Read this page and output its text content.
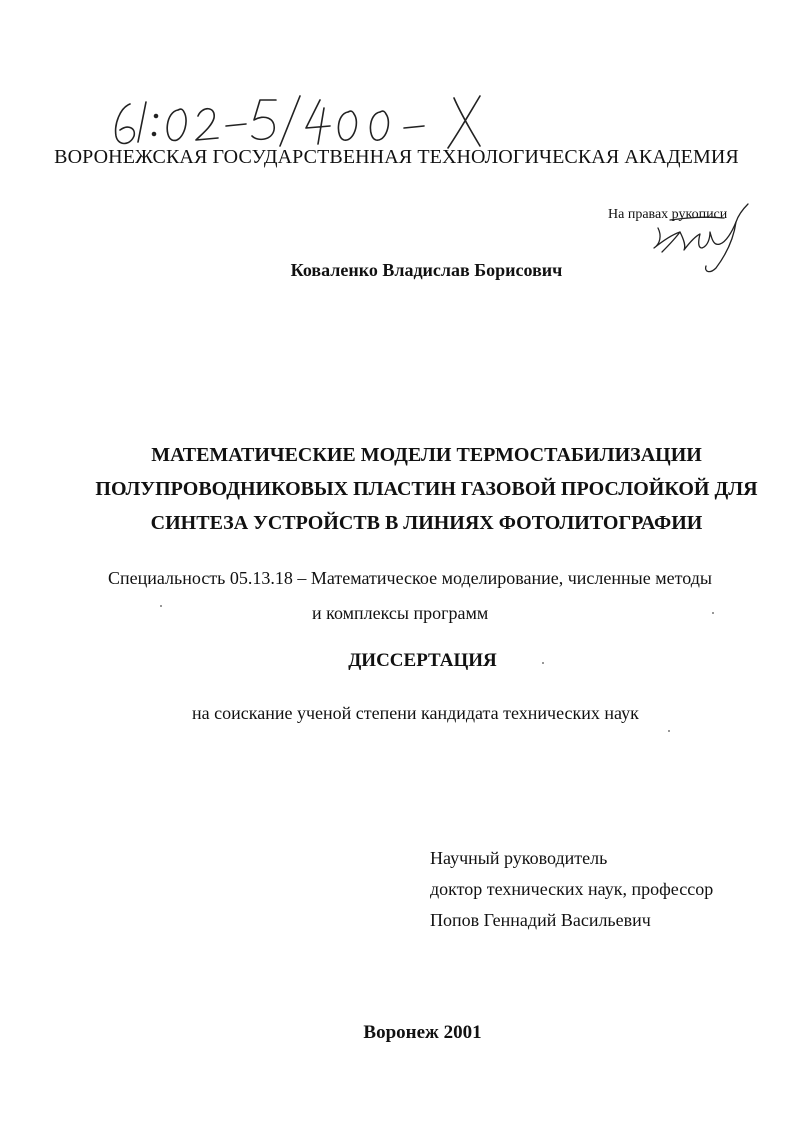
ВОРОНЕЖСКАЯ ГОСУДАРСТВЕННАЯ ТЕХНОЛОГИЧЕСКАЯ АКАДЕМИЯ
На правах рукописи
Коваленко Владислав Борисович
МАТЕМАТИЧЕСКИЕ МОДЕЛИ ТЕРМОСТАБИЛИЗАЦИИ
ПОЛУПРОВОДНИКОВЫХ ПЛАСТИН ГАЗОВОЙ ПРОСЛОЙКОЙ ДЛЯ
СИНТЕЗА УСТРОЙСТВ В ЛИНИЯХ ФОТОЛИТОГРАФИИ
Специальность 05.13.18 – Математическое моделирование, численные методы
и комплексы программ
ДИССЕРТАЦИЯ
на соискание ученой степени кандидата технических наук
Научный руководитель
доктор технических наук, профессор
Попов Геннадий Васильевич
Воронеж 2001
